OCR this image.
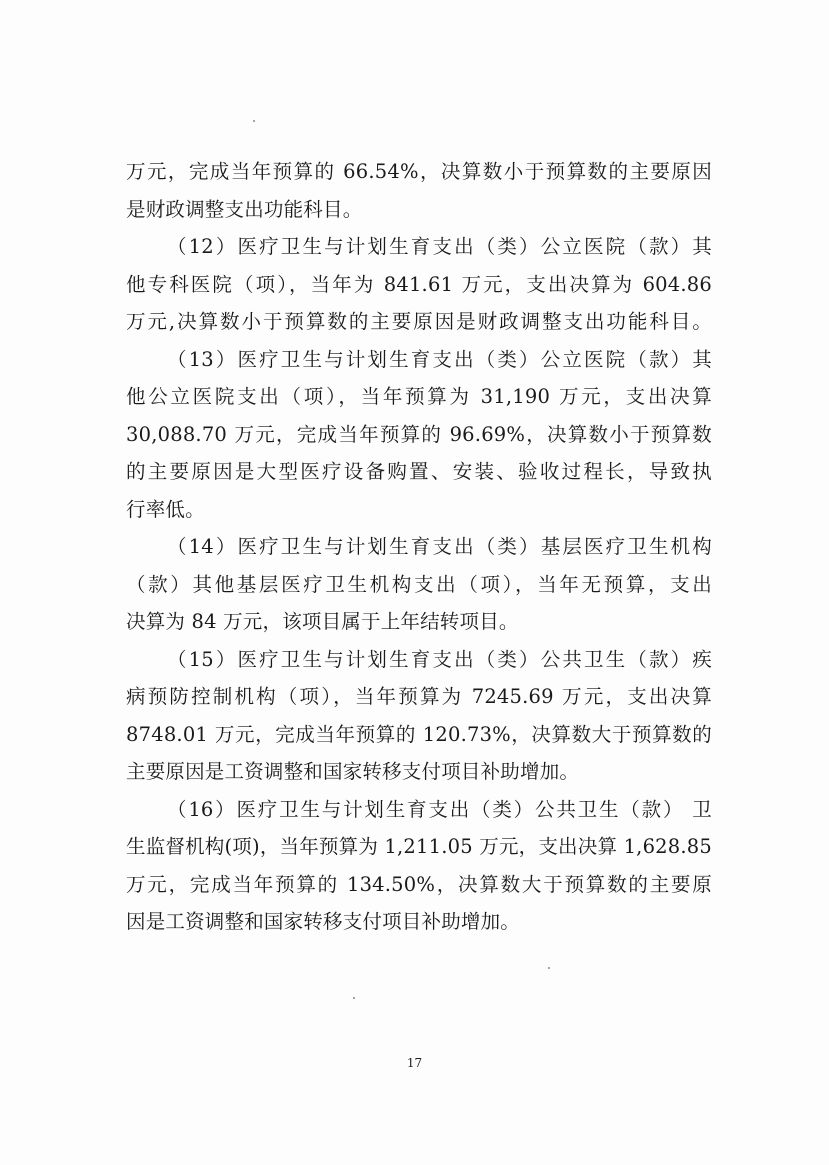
万元，完成当年预算的 66.54%，决算数小于预算数的主要原因
是财政调整支出功能科目。
（12）医疗卫生与计划生育支出（类）公立医院（款）其
他专科医院（项），当年为 841.61 万元，支出决算为 604.86
万元,决算数小于预算数的主要原因是财政调整支出功能科目。
（13）医疗卫生与计划生育支出（类）公立医院（款）其
他公立医院支出（项），当年预算为 31,190 万元，支出决算
30,088.70 万元，完成当年预算的 96.69%，决算数小于预算数
的主要原因是大型医疗设备购置、安装、验收过程长，导致执
行率低。
（14）医疗卫生与计划生育支出（类）基层医疗卫生机构
（款）其他基层医疗卫生机构支出（项），当年无预算，支出
决算为 84 万元，该项目属于上年结转项目。
（15）医疗卫生与计划生育支出（类）公共卫生（款）疾
病预防控制机构（项），当年预算为 7245.69 万元，支出决算
8748.01 万元，完成当年预算的 120.73%，决算数大于预算数的
主要原因是工资调整和国家转移支付项目补助增加。
（16）医疗卫生与计划生育支出（类）公共卫生（款） 卫
生监督机构(项)，当年预算为 1,211.05 万元，支出决算 1,628.85
万元，完成当年预算的 134.50%，决算数大于预算数的主要原
因是工资调整和国家转移支付项目补助增加。
17
